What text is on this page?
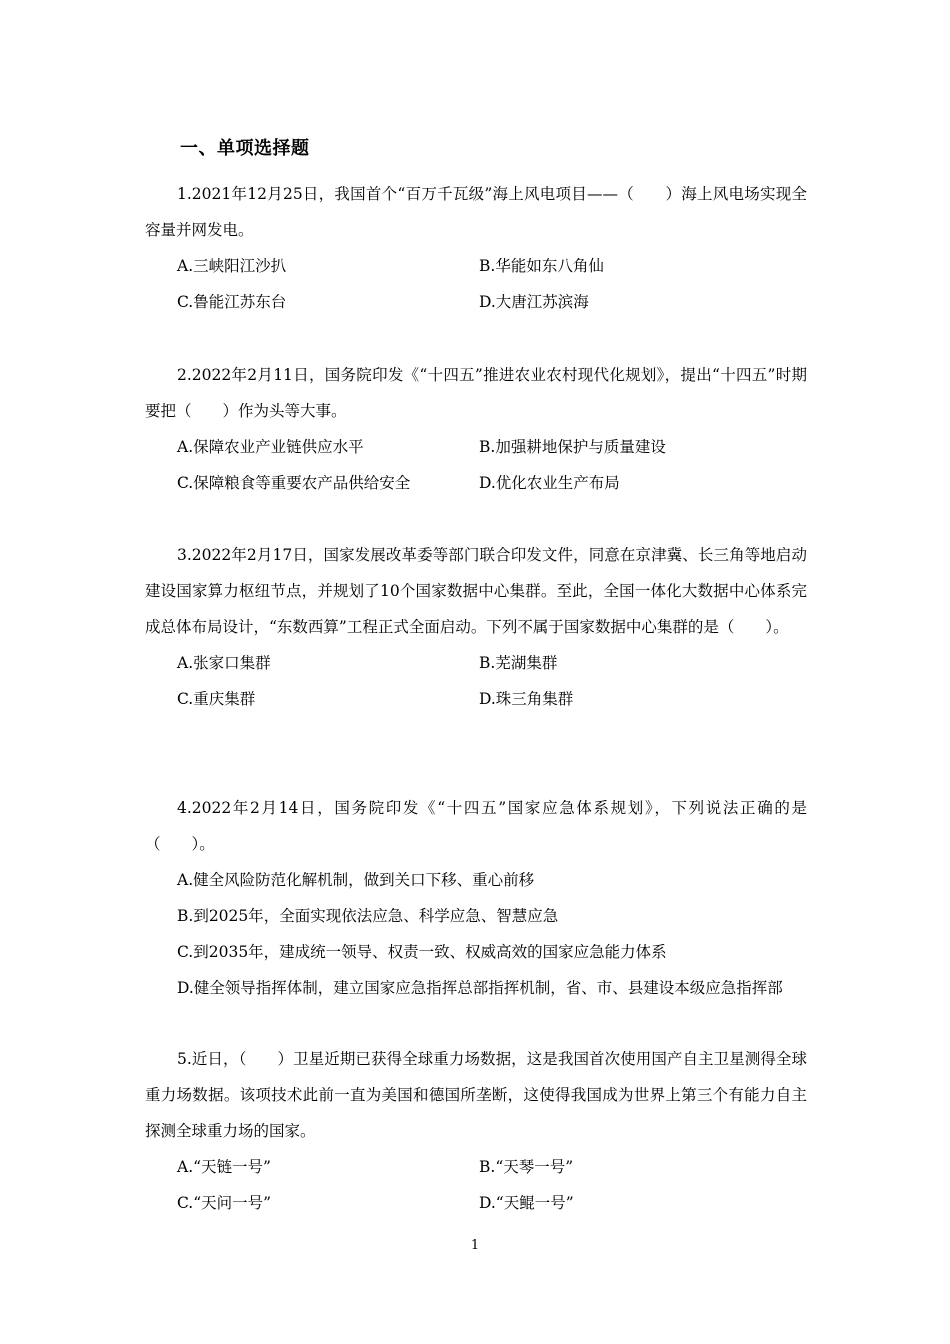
一、单项选择题

1.2021年12月25日，我国首个“百万千瓦级”海上风电项目——（　　）海上风电场实现全容量并网发电。

A.三峡阳江沙扒	B.华能如东八角仙
C.鲁能江苏东台	D.大唐江苏滨海

2.2022年2月11日，国务院印发《“十四五”推进农业农村现代化规划》，提出“十四五”时期要把（　　）作为头等大事。

A.保障农业产业链供应水平	B.加强耕地保护与质量建设
C.保障粮食等重要农产品供给安全	D.优化农业生产布局

3.2022年2月17日，国家发展改革委等部门联合印发文件，同意在京津冀、长三角等地启动建设国家算力枢纽节点，并规划了10个国家数据中心集群。至此，全国一体化大数据中心体系完成总体布局设计，“东数西算”工程正式全面启动。下列不属于国家数据中心集群的是（　　）。

A.张家口集群	B.芜湖集群
C.重庆集群	D.珠三角集群

4.2022年2月14日，国务院印发《“十四五”国家应急体系规划》，下列说法正确的是（　　）。

A.健全风险防范化解机制，做到关口下移、重心前移
B.到2025年，全面实现依法应急、科学应急、智慧应急
C.到2035年，建成统一领导、权责一致、权威高效的国家应急能力体系
D.健全领导指挥体制，建立国家应急指挥总部指挥机制，省、市、县建设本级应急指挥部

5.近日，（　　）卫星近期已获得全球重力场数据，这是我国首次使用国产自主卫星测得全球重力场数据。该项技术此前一直为美国和德国所垄断，这使得我国成为世界上第三个有能力自主探测全球重力场的国家。

A.“天链一号”	B.“天琴一号”
C.“天问一号”	D.“天鲲一号”
1
